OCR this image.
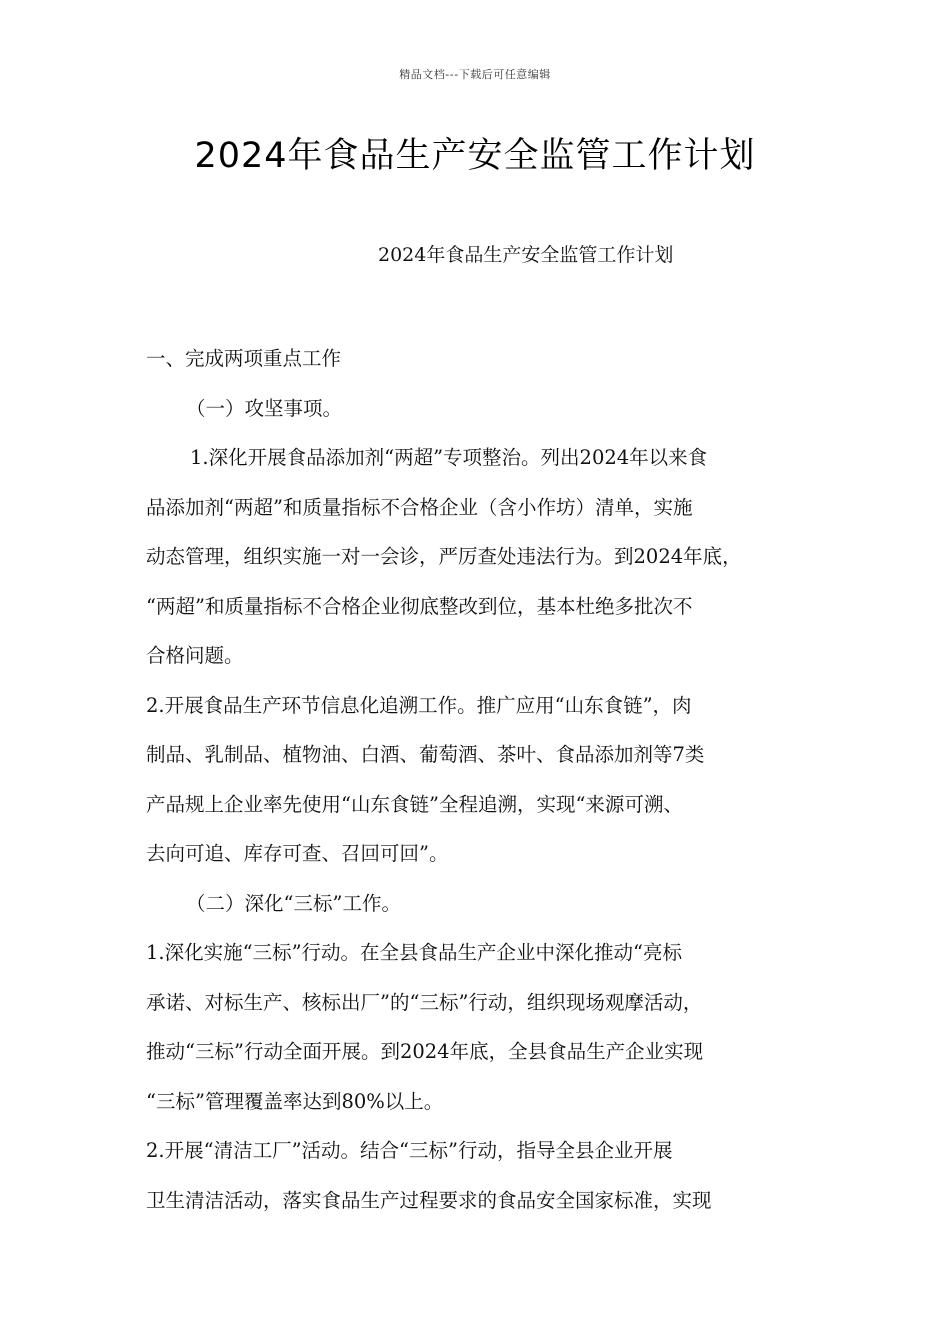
精品文档---下载后可任意编辑
2024年食品生产安全监管工作计划
2024年食品生产安全监管工作计划
一、完成两项重点工作
（一）攻坚事项。
1.深化开展食品添加剂“两超”专项整治。列出2024年以来食
品添加剂“两超”和质量指标不合格企业（含小作坊）清单，实施
动态管理，组织实施一对一会诊，严厉查处违法行为。到2024年底，
“两超”和质量指标不合格企业彻底整改到位，基本杜绝多批次不
合格问题。
2.开展食品生产环节信息化追溯工作。推广应用“山东食链”，肉
制品、乳制品、植物油、白酒、葡萄酒、茶叶、食品添加剂等7类
产品规上企业率先使用“山东食链”全程追溯，实现“来源可溯、
去向可追、库存可查、召回可回”。
（二）深化“三标”工作。
1.深化实施“三标”行动。在全县食品生产企业中深化推动“亮标
承诺、对标生产、核标出厂”的“三标”行动，组织现场观摩活动，
推动“三标”行动全面开展。到2024年底，全县食品生产企业实现
“三标”管理覆盖率达到80%以上。
2.开展“清洁工厂”活动。结合“三标”行动，指导全县企业开展
卫生清洁活动，落实食品生产过程要求的食品安全国家标准，实现
